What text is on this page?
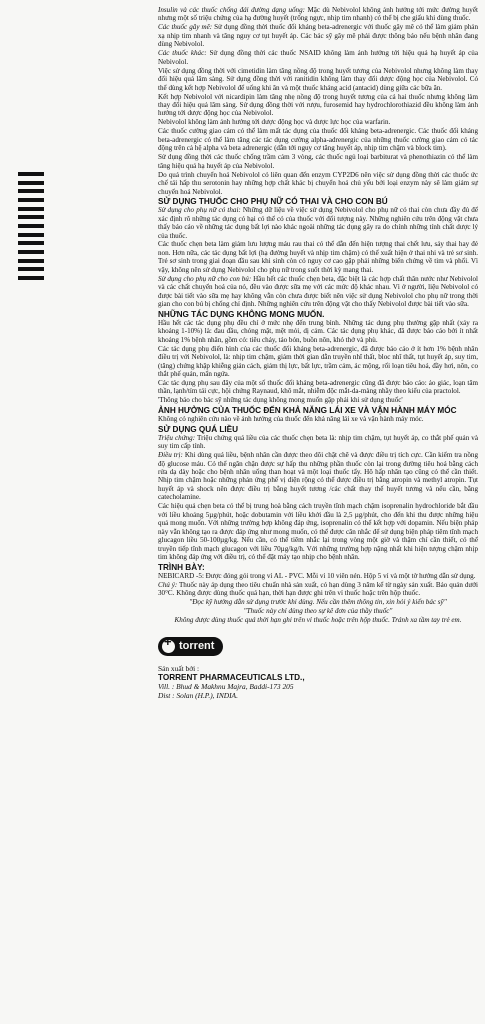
Insulin và các thuốc chống đái đường dạng uống: Mặc dù Nebivolol không ảnh hưởng tới mức đường huyết nhưng một số triệu chứng của hạ đường huyết (trống ngực, nhịp tim nhanh) có thể bị che giấu khi dùng thuốc.

Các thuốc gây mê: Sử dụng đồng thời thuốc đối kháng beta-adrenergic với thuốc gây mê có thể làm giảm phản xạ nhịp tim nhanh và tăng nguy cơ tụt huyết áp. Các bác sỹ gây mê phải được thông báo nếu bệnh nhân đang dùng Nebivolol.

Các thuốc khác: Sử dụng đồng thời các thuốc NSAID không làm ảnh hưởng tới hiệu quả hạ huyết áp của Nebivolol.

Việc sử dụng đồng thời với cimetidin làm tăng nồng độ trong huyết tương của Nebivolol nhưng không làm thay đổi hiệu quả lâm sàng. Sử dụng đồng thời với ranitidin không làm thay đổi dược động học của Nebivolol. Có thể dùng kết hợp Nebivolol để uống khi ăn và một thuốc kháng acid (antacid) dùng giữa các bữa ăn.

Kết hợp Nebivolol với nicardipin làm tăng nhẹ nồng độ trong huyết tương của cả hai thuốc nhưng không làm thay đổi hiệu quả lâm sàng. Sử dụng đồng thời với rượu, furosemid hay hydrochlorothiazid đều không làm ảnh hưởng tới dược động học của Nebivolol.

Nebivolol không làm ảnh hưởng tới dược động học và dược lực học của warfarin.

Các thuốc cường giao cảm có thể làm mất tác dụng của thuốc đối kháng beta-adrenergic. Các thuốc đối kháng beta-adrenergic có thể làm tăng các tác dụng cường alpha-adrenergic của những thuốc cường giao cảm có tác động trên cả hệ alpha và beta adrenergic (dẫn tới nguy cơ tăng huyết áp, nhịp tim chậm và block tim).

Sử dụng đồng thời các thuốc chống trầm cảm 3 vòng, các thuốc ngủ loại barbiturat và phenothiazin có thể làm tăng hiệu quả hạ huyết áp của Nebivolol.

Do quá trình chuyển hoá Nebivolol có liên quan đến enzym CYP2D6 nên việc sử dụng đồng thời các thuốc ức chế tái hấp thu serotonin hay những hợp chất khác bị chuyển hoá chủ yếu bởi loại enzym này sẽ làm giảm sự chuyển hoá Nebivolol.

SỬ DỤNG THUỐC CHO PHỤ NỮ CÓ THAI VÀ CHO CON BÚ

Sử dụng cho phụ nữ có thai: Những dữ liệu về việc sử dụng Nebivolol cho phụ nữ có thai còn chưa đầy đủ để xác định rõ những tác dụng có hại có thể có của thuốc với đối tượng này. Những nghiên cứu trên động vật chưa thấy báo cáo về những tác dụng bất lợi nào khác ngoài những tác dụng gây ra do chính những tính chất dược lý của thuốc.

Các thuốc chẹn beta làm giảm lưu lượng máu rau thai có thể dẫn đến hiện tượng thai chết lưu, sảy thai hay đẻ non. Hơn nữa, các tác dụng bất lợi (hạ đường huyết và nhịp tim chậm) có thể xuất hiện ở thai nhi và trẻ sơ sinh. Trẻ sơ sinh trong giai đoạn đầu sau khi sinh còn có nguy cơ cao gặp phải những biến chứng về tim và phổi. Vì vậy, không nên sử dụng Nebivolol cho phụ nữ trong suốt thời kỳ mang thai.

Sử dụng cho phụ nữ cho con bú: Hầu hết các thuốc chẹn beta, đặc biệt là các hợp chất thân nước như Nebivolol và các chất chuyển hoá của nó, đều vào được sữa mẹ với các mức độ khác nhau. Vì ở người, liệu Nebivolol có được bài tiết vào sữa mẹ hay không vẫn còn chưa được biết nên việc sử dụng Nebivolol cho phụ nữ trong thời gian cho con bú bị chống chỉ định. Những nghiên cứu trên động vật cho thấy Nebivolol được bài tiết vào sữa.

NHỮNG TÁC DỤNG KHÔNG MONG MUỐN.

Hầu hết các tác dụng phụ đều chỉ ở mức nhẹ đến trung bình. Những tác dụng phụ thường gặp nhất (xảy ra khoảng 1-10%) là: đau đầu, chóng mặt, mệt mỏi, dị cảm. Các tác dụng phụ khác, đã được báo cáo bởi ít nhất khoảng 1% bệnh nhân, gồm có: tiêu chảy, táo bón, buồn nôn, khó thở và phù.

Các tác dụng phụ điển hình của các thuốc đối kháng beta-adrenergic, đã được báo cáo ở ít hơn 1% bệnh nhân điều trị với Nebivolol, là: nhịp tim chậm, giảm thời gian dẫn truyền nhĩ thất, bloc nhĩ thất, tụt huyết áp, suy tim, (tăng) chứng khập khiễng gián cách, giảm thị lực, bất lực, trầm cảm, ác mộng, rối loạn tiêu hoá, đầy hơi, nôn, co thắt phế quản, mẩn ngứa.

Các tác dụng phụ sau đây của một số thuốc đối kháng beta-adrenergic cũng đã được báo cáo: ảo giác, loạn tâm thần, lạnh/tím tái cực, hội chứng Raynaud, khô mắt, nhiễm độc mắt-da-màng nhầy theo kiểu của practolol.

'Thông báo cho bác sỹ những tác dụng không mong muốn gặp phải khi sử dụng thuốc'

ẢNH HƯỞNG CỦA THUỐC ĐẾN KHẢ NĂNG LÁI XE VÀ VẬN HÀNH MÁY MÓC

Không có nghiên cứu nào về ảnh hưởng của thuốc đến khả năng lái xe và vận hành máy móc.

SỬ DỤNG QUÁ LIỀU

Triệu chứng: Triệu chứng quá liều của các thuốc chẹn beta là: nhịp tim chậm, tụt huyết áp, co thắt phế quản và suy tim cấp tính.

Điều trị: Khi dùng quá liều, bệnh nhân cần được theo dõi chặt chẽ và được điều trị tích cực. Cần kiểm tra nồng độ glucose máu. Có thể ngăn chặn được sự hấp thu những phần thuốc còn lại trong đường tiêu hoá bằng cách rửa dạ dày hoặc cho bệnh nhân uống than hoạt và một loại thuốc tẩy. Hô hấp nhân tạo cũng có thể cần thiết. Nhịp tim chậm hoặc những phản ứng phế vị diện rộng có thể được điều trị bằng atropin và methyl atropin. Tụt huyết áp và shock nên được điều trị bằng huyết tương /các chất thay thế huyết tương và nếu cần, bằng catecholamine.

Các hiệu quả chẹn beta có thể bị trung hoà bằng cách truyền tĩnh mạch chậm isoprenalin hydrochloride bắt đầu với liều khoảng 5µg/phút, hoặc dobutamin với liều khởi đầu là 2,5 µg/phút, cho đến khi thu được những hiệu quả mong muốn. Với những trường hợp không đáp ứng, isoprenalin có thể kết hợp với dopamin. Nếu biện pháp này vẫn không tạo ra được đáp ứng như mong muốn, có thể được cân nhắc để sử dụng biện pháp tiêm tĩnh mạch glucagon liều 50-100µg/kg. Nếu cần, có thể tiêm nhắc lại trong vòng một giờ và thậm chí cần thiết, có thể truyền tiếp tĩnh mạch glucagon với liều 70µg/kg/h. Với những trường hợp nặng nhất khi hiện tượng chậm nhịp tim không đáp ứng với điều trị, có thể đặt máy tạo nhịp cho bệnh nhân.

TRÌNH BÀY:

NEBICARD -5: Được đóng gói trong vỉ AL - PVC. Mỗi vỉ 10 viên nén. Hộp 5 vỉ và một tờ hướng dẫn sử dụng.

Chú ý: Thuốc này áp dụng theo tiêu chuẩn nhà sản xuất, có hạn dùng 3 năm kể từ ngày sản xuất. Bảo quản dưới 30°C. Không được dùng thuốc quá hạn, thời hạn được ghi trên vỉ thuốc hoặc trên hộp thuốc.

"Đọc kỹ hướng dẫn sử dụng trước khi dùng. Nếu cần thêm thông tin, xin hỏi ý kiến bác sỹ"

"Thuốc này chỉ dùng theo sự kê đơn của thầy thuốc"

Không được dùng thuốc quá thời hạn ghi trên vỉ thuốc hoặc trên hộp thuốc. Tránh xa tầm tay trẻ em.

+
torrent
Sản xuất bởi :
TORRENT PHARMACEUTICALS LTD.,
Vill. : Bhud & Makhnu Majra, Baddi-173 205
Dist : Solan (H.P.), INDIA.
